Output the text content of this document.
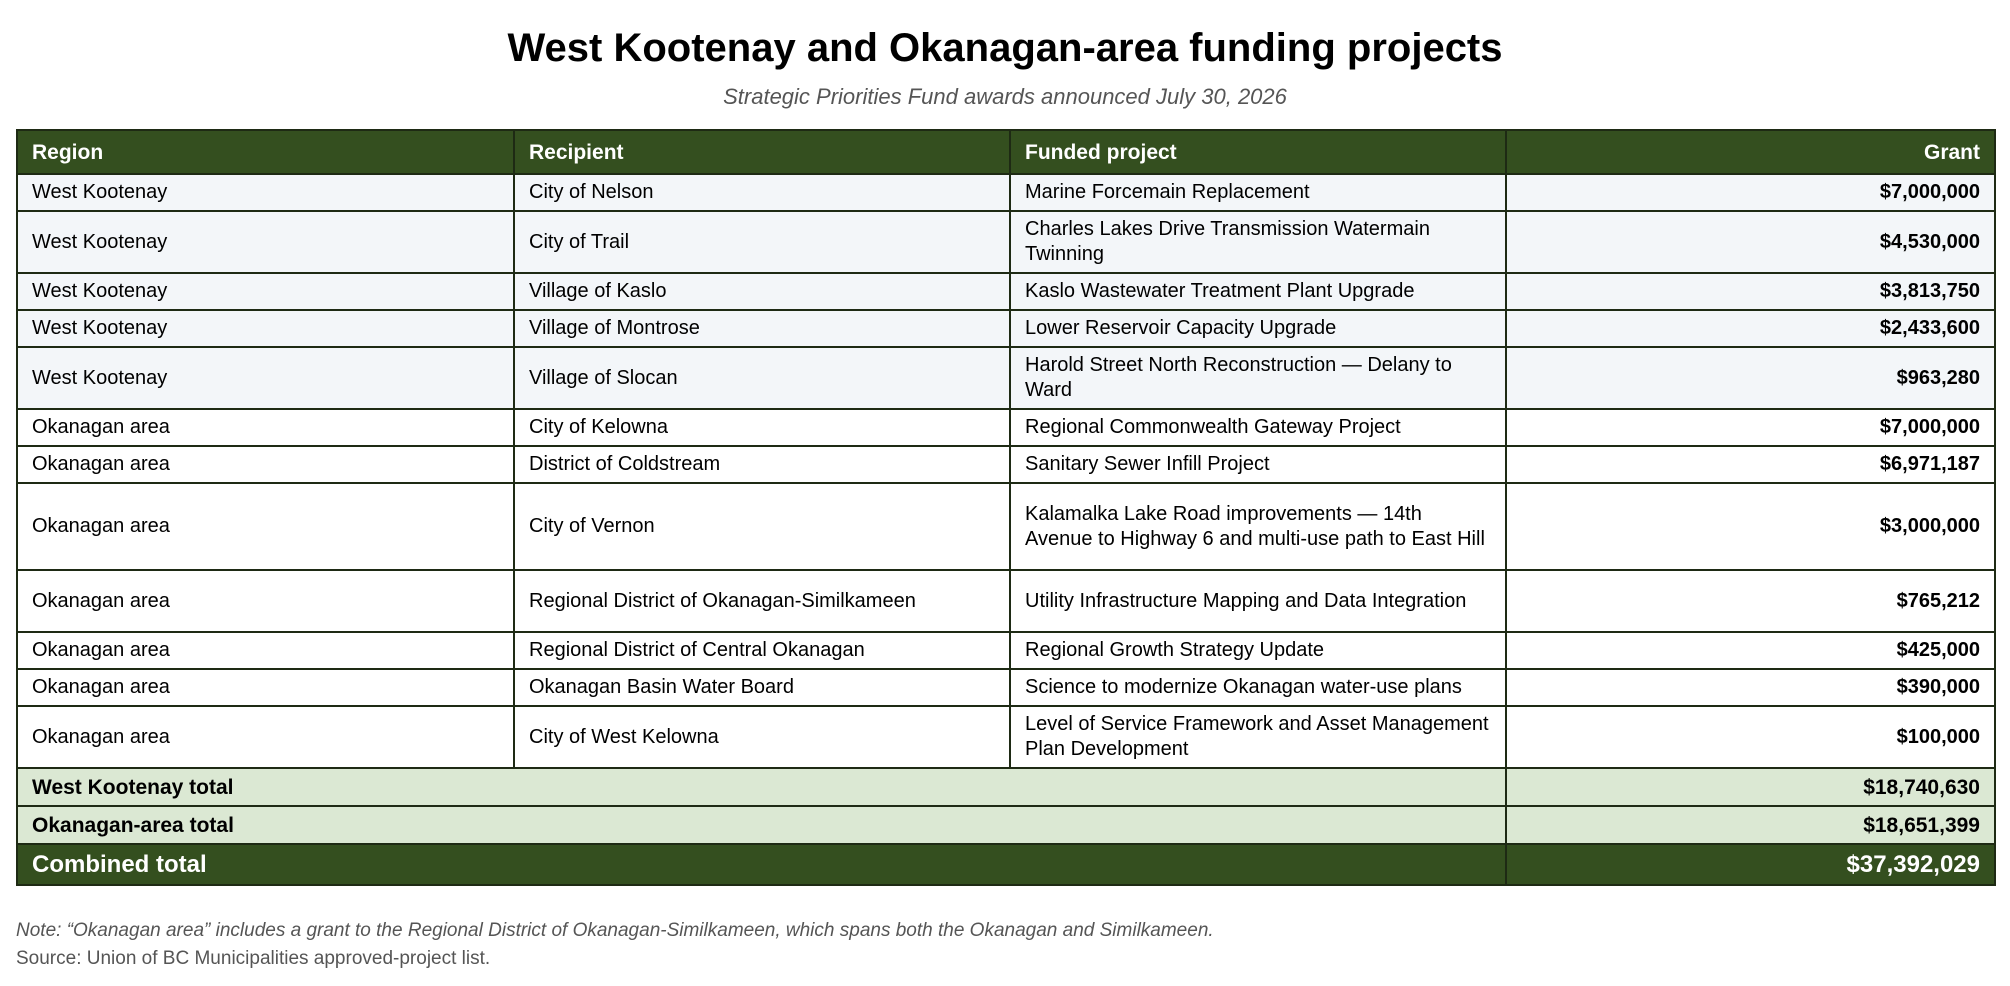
West Kootenay and Okanagan-area funding projects
Strategic Priorities Fund awards announced July 30, 2026
Region	Recipient	Funded project	Grant
West Kootenay	City of Nelson	Marine Forcemain Replacement	$7,000,000
West Kootenay	City of Trail	Charles Lakes Drive Transmission Watermain Twinning	$4,530,000
West Kootenay	Village of Kaslo	Kaslo Wastewater Treatment Plant Upgrade	$3,813,750
West Kootenay	Village of Montrose	Lower Reservoir Capacity Upgrade	$2,433,600
West Kootenay	Village of Slocan	Harold Street North Reconstruction — Delany to Ward	$963,280
Okanagan area	City of Kelowna	Regional Commonwealth Gateway Project	$7,000,000
Okanagan area	District of Coldstream	Sanitary Sewer Infill Project	$6,971,187
Okanagan area	City of Vernon	Kalamalka Lake Road improvements — 14th Avenue to Highway 6 and multi-use path to East Hill	$3,000,000
Okanagan area	Regional District of Okanagan-Similkameen	Utility Infrastructure Mapping and Data Integration	$765,212
Okanagan area	Regional District of Central Okanagan	Regional Growth Strategy Update	$425,000
Okanagan area	Okanagan Basin Water Board	Science to modernize Okanagan water-use plans	$390,000
Okanagan area	City of West Kelowna	Level of Service Framework and Asset Management Plan Development	$100,000
West Kootenay total			$18,740,630
Okanagan-area total			$18,651,399
Combined total			$37,392,029
Note: “Okanagan area” includes a grant to the Regional District of Okanagan-Similkameen, which spans both the Okanagan and Similkameen.
Source: Union of BC Municipalities approved-project list.
